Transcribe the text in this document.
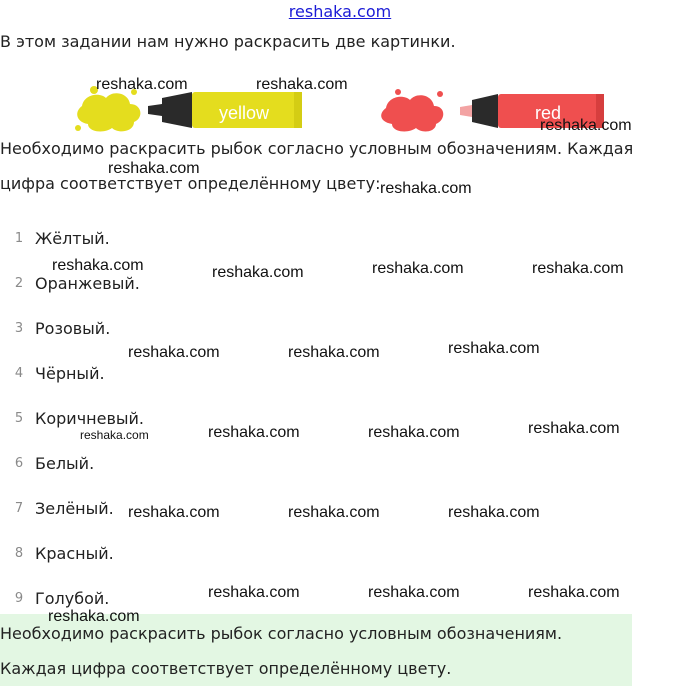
reshaka.com
В этом задании нам нужно раскрасить две картинки.
yellow	red
Необходимо раскрасить рыбок согласно условным обозначениям. Каждая
цифра соответствует определённому цвету:
1 Жёлтый.
2 Оранжевый.
3 Розовый.
4 Чёрный.
5 Коричневый.
6 Белый.
7 Зелёный.
8 Красный.
9 Голубой.
Необходимо раскрасить рыбок согласно условным обозначениям.
Каждая цифра соответствует определённому цвету.
reshaka.com	reshaka.com
reshaka.com
reshaka.com
reshaka.com
reshaka.com	reshaka.com	reshaka.com	reshaka.com
reshaka.com	reshaka.com	reshaka.com
reshaka.com	reshaka.com	reshaka.com	reshaka.com
reshaka.com	reshaka.com	reshaka.com
reshaka.com	reshaka.com	reshaka.com
reshaka.com
